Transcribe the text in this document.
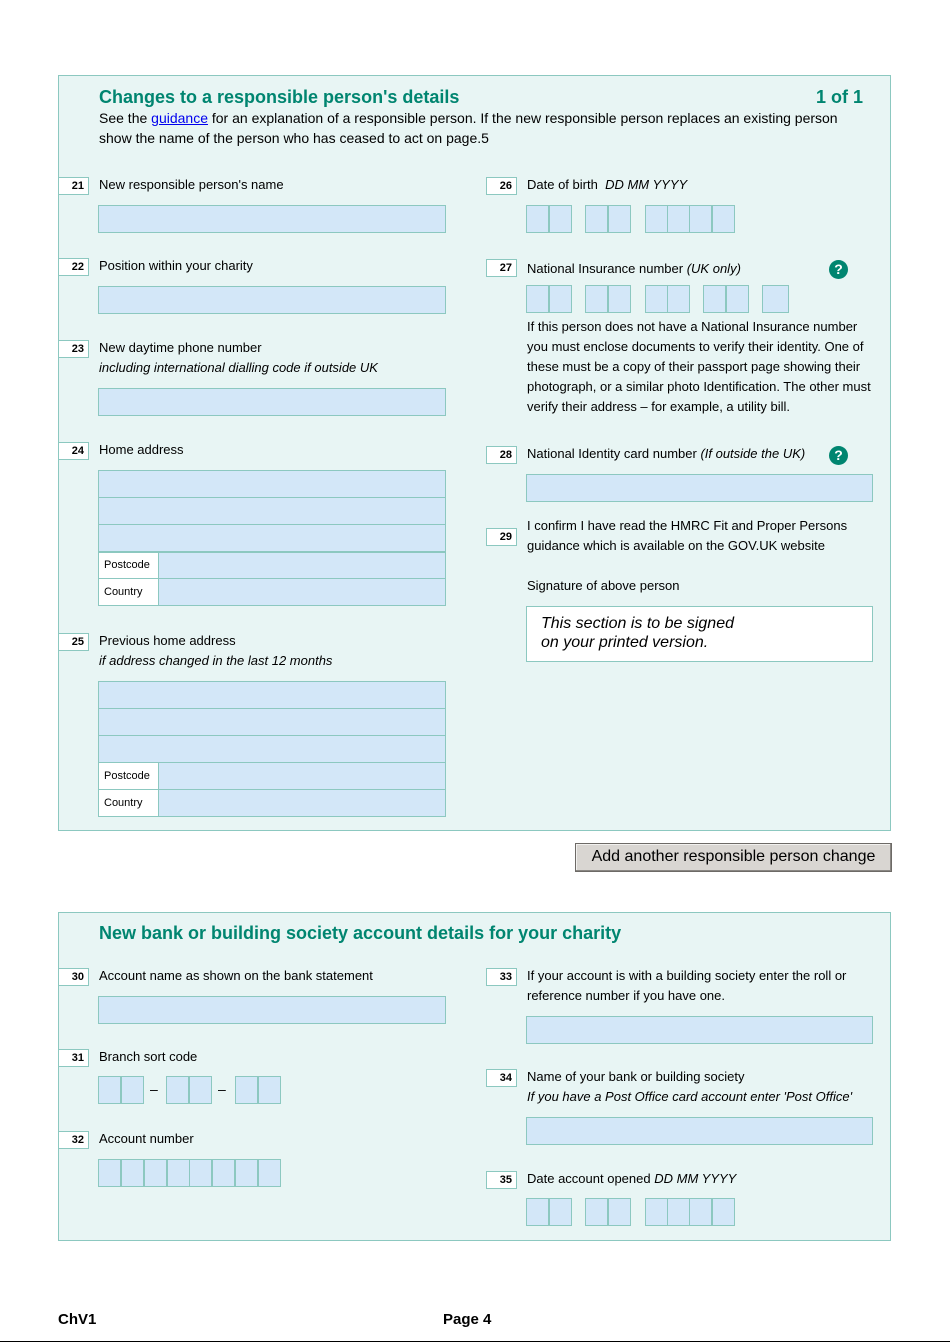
Changes to a responsible person's details	1 of 1
See the guidance for an explanation of a responsible person. If the new responsible person replaces an existing person show the name of the person who has ceased to act on page.5
21	New responsible person's name
22	Position within your charity
23	New daytime phone number
including international dialling code if outside UK
24	Home address
Postcode
Country
25	Previous home address
if address changed in the last 12 months
Postcode
Country
26	Date of birth DD MM YYYY
27	National Insurance number (UK only)	?
If this person does not have a National Insurance number you must enclose documents to verify their identity. One of these must be a copy of their passport page showing their photograph, or a similar photo Identification. The other must verify their address – for example, a utility bill.
28	National Identity card number (If outside the UK)	?
29
I confirm I have read the HMRC Fit and Proper Persons guidance which is available on the GOV.UK website
Signature of above person
This section is to be signed on your printed version.
Add another responsible person change
New bank or building society account details for your charity
30	Account name as shown on the bank statement
31	Branch sort code
–	–
32	Account number
33	If your account is with a building society enter the roll or reference number if you have one.
34	Name of your bank or building society
If you have a Post Office card account enter 'Post Office'
35	Date account opened DD MM YYYY
ChV1	Page 4
